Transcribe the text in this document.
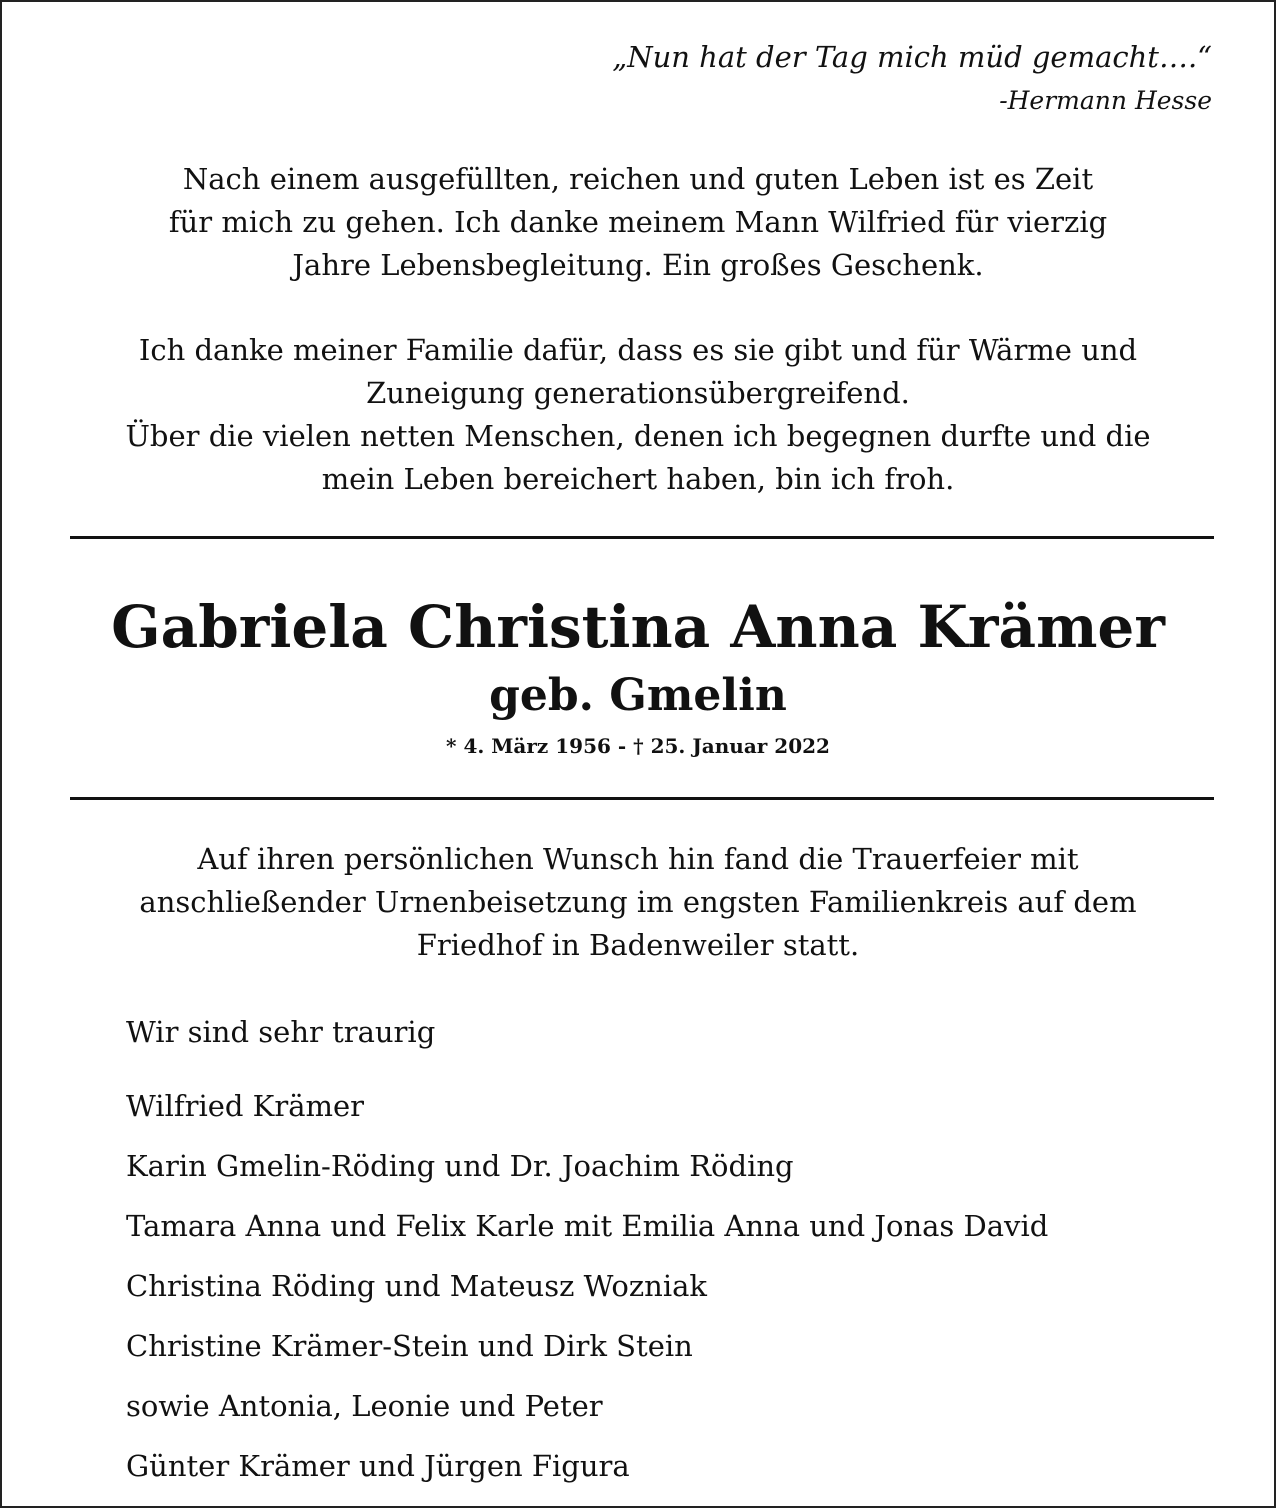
„Nun hat der Tag mich müd gemacht….“
-Hermann Hesse

Nach einem ausgefüllten, reichen und guten Leben ist es Zeit

für mich zu gehen. Ich danke meinem Mann Wilfried für vierzig

Jahre Lebensbegleitung. Ein großes Geschenk.

Ich danke meiner Familie dafür, dass es sie gibt und für Wärme und

Zuneigung generationsübergreifend.

Über die vielen netten Menschen, denen ich begegnen durfte und die

mein Leben bereichert haben, bin ich froh.

Gabriela Christina Anna Krämer
geb. Gmelin
* 4. März 1956 - † 25. Januar 2022

Auf ihren persönlichen Wunsch hin fand die Trauerfeier mit

anschließender Urnenbeisetzung im engsten Familienkreis auf dem

Friedhof in Badenweiler statt.

Wir sind sehr traurig

Wilfried Krämer

Karin Gmelin-Röding und Dr. Joachim Röding

Tamara Anna und Felix Karle mit Emilia Anna und Jonas David

Christina Röding und Mateusz Wozniak

Christine Krämer-Stein und Dirk Stein

sowie Antonia, Leonie und Peter

Günter Krämer und Jürgen Figura
